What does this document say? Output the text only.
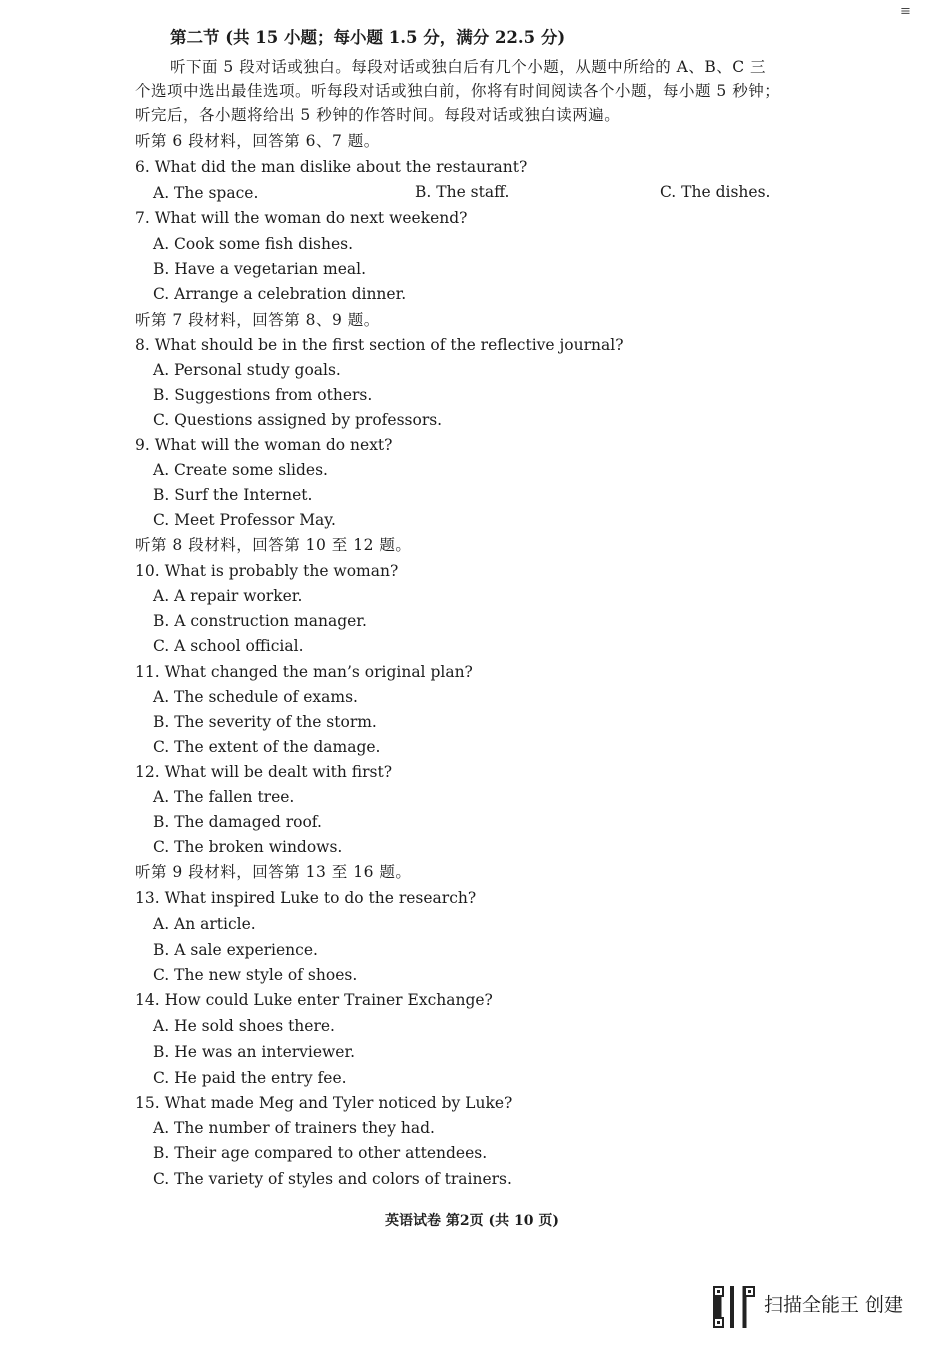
≡
第二节 (共 15 小题；每小题 1.5 分，满分 22.5 分)
听下面 5 段对话或独白。每段对话或独白后有几个小题，从题中所给的 A、B、C 三
个选项中选出最佳选项。听每段对话或独白前，你将有时间阅读各个小题，每小题 5 秒钟；
听完后，各小题将给出 5 秒钟的作答时间。每段对话或独白读两遍。
听第 6 段材料，回答第 6、7 题。
6. What did the man dislike about the restaurant?
A. The space.	B. The staff.	C. The dishes.
7. What will the woman do next weekend?
A. Cook some fish dishes.
B. Have a vegetarian meal.
C. Arrange a celebration dinner.
听第 7 段材料，回答第 8、9 题。
8. What should be in the first section of the reflective journal?
A. Personal study goals.
B. Suggestions from others.
C. Questions assigned by professors.
9. What will the woman do next?
A. Create some slides.
B. Surf the Internet.
C. Meet Professor May.
听第 8 段材料，回答第 10 至 12 题。
10. What is probably the woman?
A. A repair worker.
B. A construction manager.
C. A school official.
11. What changed the man’s original plan?
A. The schedule of exams.
B. The severity of the storm.
C. The extent of the damage.
12. What will be dealt with first?
A. The fallen tree.
B. The damaged roof.
C. The broken windows.
听第 9 段材料，回答第 13 至 16 题。
13. What inspired Luke to do the research?
A. An article.
B. A sale experience.
C. The new style of shoes.
14. How could Luke enter Trainer Exchange?
A. He sold shoes there.
B. He was an interviewer.
C. He paid the entry fee.
15. What made Meg and Tyler noticed by Luke?
A. The number of trainers they had.
B. Their age compared to other attendees.
C. The variety of styles and colors of trainers.
英语试卷 第2页 (共 10 页)
扫描全能王 创建
